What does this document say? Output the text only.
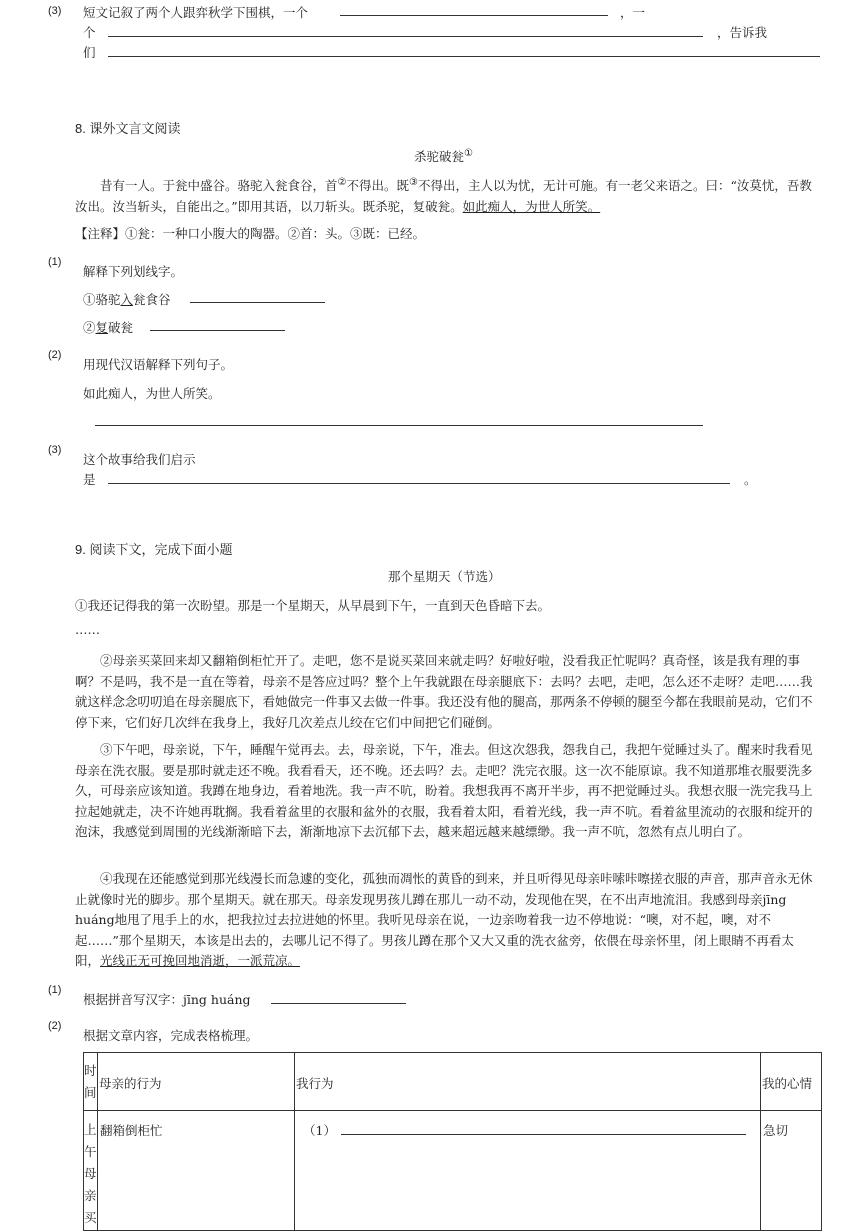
(3) 短文记叙了两个人跟弈秋学下围棋，一个	，一
个	，告诉我
们
8. 课外文言文阅读
杀驼破瓮①
昔有一人。于瓮中盛谷。骆驼入瓮食谷，首②不得出。既③不得出，主人以为忧，无计可施。有一老父来语之。曰：“汝莫忧，吾教汝出。汝当斩头，自能出之。”即用其语，以刀斩头。既杀驼，复破瓮。如此痴人，为世人所笑。
【注释】①瓮：一种口小腹大的陶器。②首：头。③既：已经。
(1)
解释下列划线字。
①骆驼入瓮食谷
②复破瓮
(2)
用现代汉语解释下列句子。
如此痴人，为世人所笑。
(3)
这个故事给我们启示
是	。
9. 阅读下文，完成下面小题
那个星期天（节选）
①我还记得我的第一次盼望。那是一个星期天，从早晨到下午，一直到天色昏暗下去。
……
②母亲买菜回来却又翻箱倒柜忙开了。走吧，您不是说买菜回来就走吗？好啦好啦，没看我正忙呢吗？真奇怪，该是我有理的事啊？不是吗，我不是一直在等着，母亲不是答应过吗？整个上午我就跟在母亲腿底下：去吗？去吧，走吧，怎么还不走呀？走吧……我就这样念念叨叨追在母亲腿底下，看她做完一件事又去做一件事。我还没有他的腿高，那两条不停顿的腿至今都在我眼前晃动，它们不停下来，它们好几次绊在我身上，我好几次差点儿绞在它们中间把它们碰倒。
③下午吧，母亲说，下午，睡醒午觉再去。去，母亲说，下午，准去。但这次怨我，怨我自己，我把午觉睡过头了。醒来时我看见母亲在洗衣服。要是那时就走还不晚。我看看天，还不晚。还去吗？去。走吧？洗完衣服。这一次不能原谅。我不知道那堆衣服要洗多久，可母亲应该知道。我蹲在地身边，看着地洗。我一声不吭，盼着。我想我再不离开半步，再不把觉睡过头。我想衣服一洗完我马上拉起她就走，决不许她再耽搁。我看着盆里的衣服和盆外的衣服，我看着太阳，看着光线，我一声不吭。看着盆里流动的衣服和绽开的泡沫，我感觉到周围的光线渐渐暗下去，渐渐地凉下去沉郁下去，越来超远越来越缥缈。我一声不吭，忽然有点儿明白了。
④我现在还能感觉到那光线漫长而急遽的变化，孤独而凋怅的黄昏的到来，并且听得见母亲咔嗦咔嚓搓衣服的声音，那声音永无休止就像时光的脚步。那个星期天。就在那天。母亲发现男孩儿蹲在那儿一动不动，发现他在哭，在不出声地流泪。我感到母亲jīng huáng地甩了甩手上的水，把我拉过去拉进她的怀里。我听见母亲在说，一边亲吻着我一边不停地说：“噢，对不起，噢，对不起……”那个星期天，本该是出去的，去哪儿记不得了。男孩儿蹲在那个又大又重的洗衣盆旁，依偎在母亲怀里，闭上眼睛不再看太阳，光线正无可挽回地消逝，一派荒凉。
(1)
根据拼音写汉字：jīng huáng
(2)
根据文章内容，完成表格梳理。
时间	母亲的行为	我行为	我的心情

上午母亲买	翻箱倒柜忙	（1）	急切
